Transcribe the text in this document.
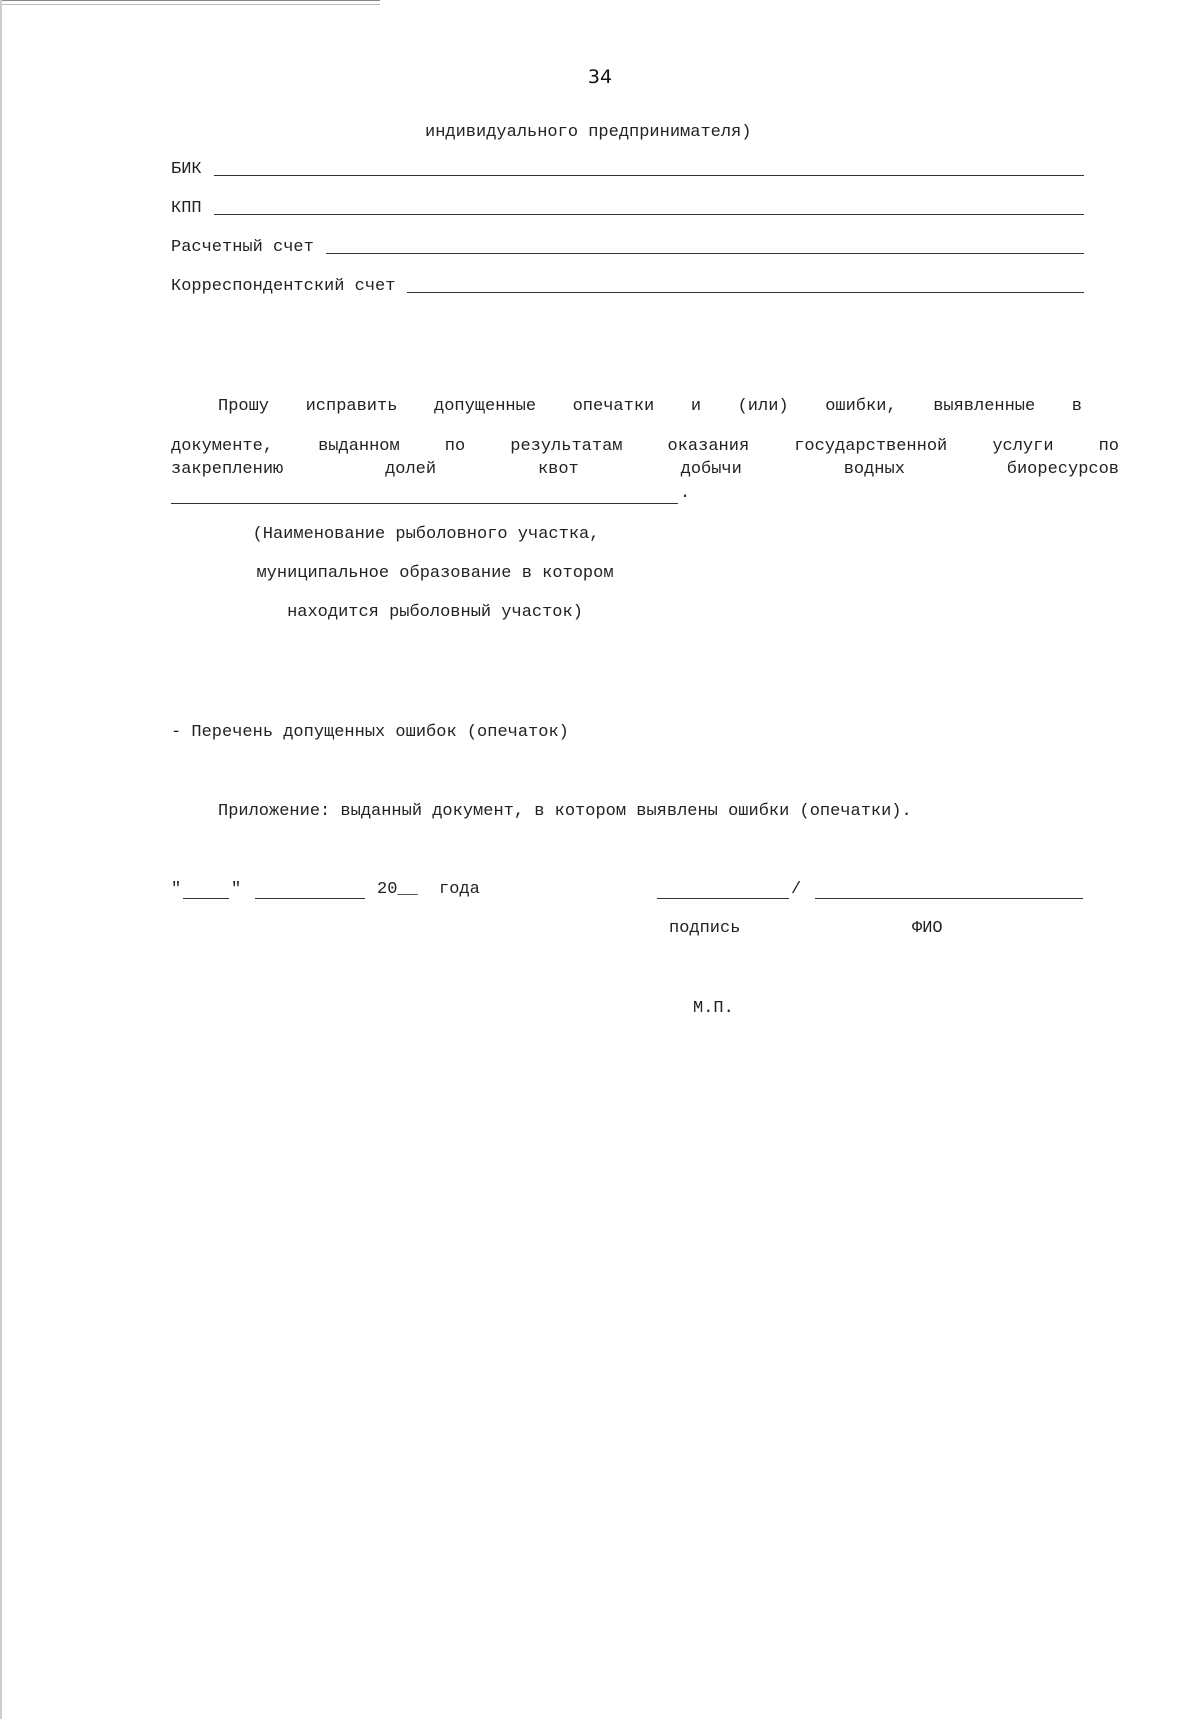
34
индивидуального предпринимателя)
БИК
КПП
Расчетный счет
Корреспондентский счет
Прошу исправить допущенные опечатки и (или) ошибки, выявленные в
документе,	выданном	по	результатам	оказания	государственной	услуги	по
закреплению	долей	квот	добычи	водных	биоресурсов
.
(Наименование рыболовного участка,
муниципальное образование в котором
находится рыболовный участок)
- Перечень допущенных ошибок (опечаток)
Приложение: выданный документ, в котором выявлены ошибки (опечатки).
"	"	20__ года	/
подпись	ФИО
М.П.
